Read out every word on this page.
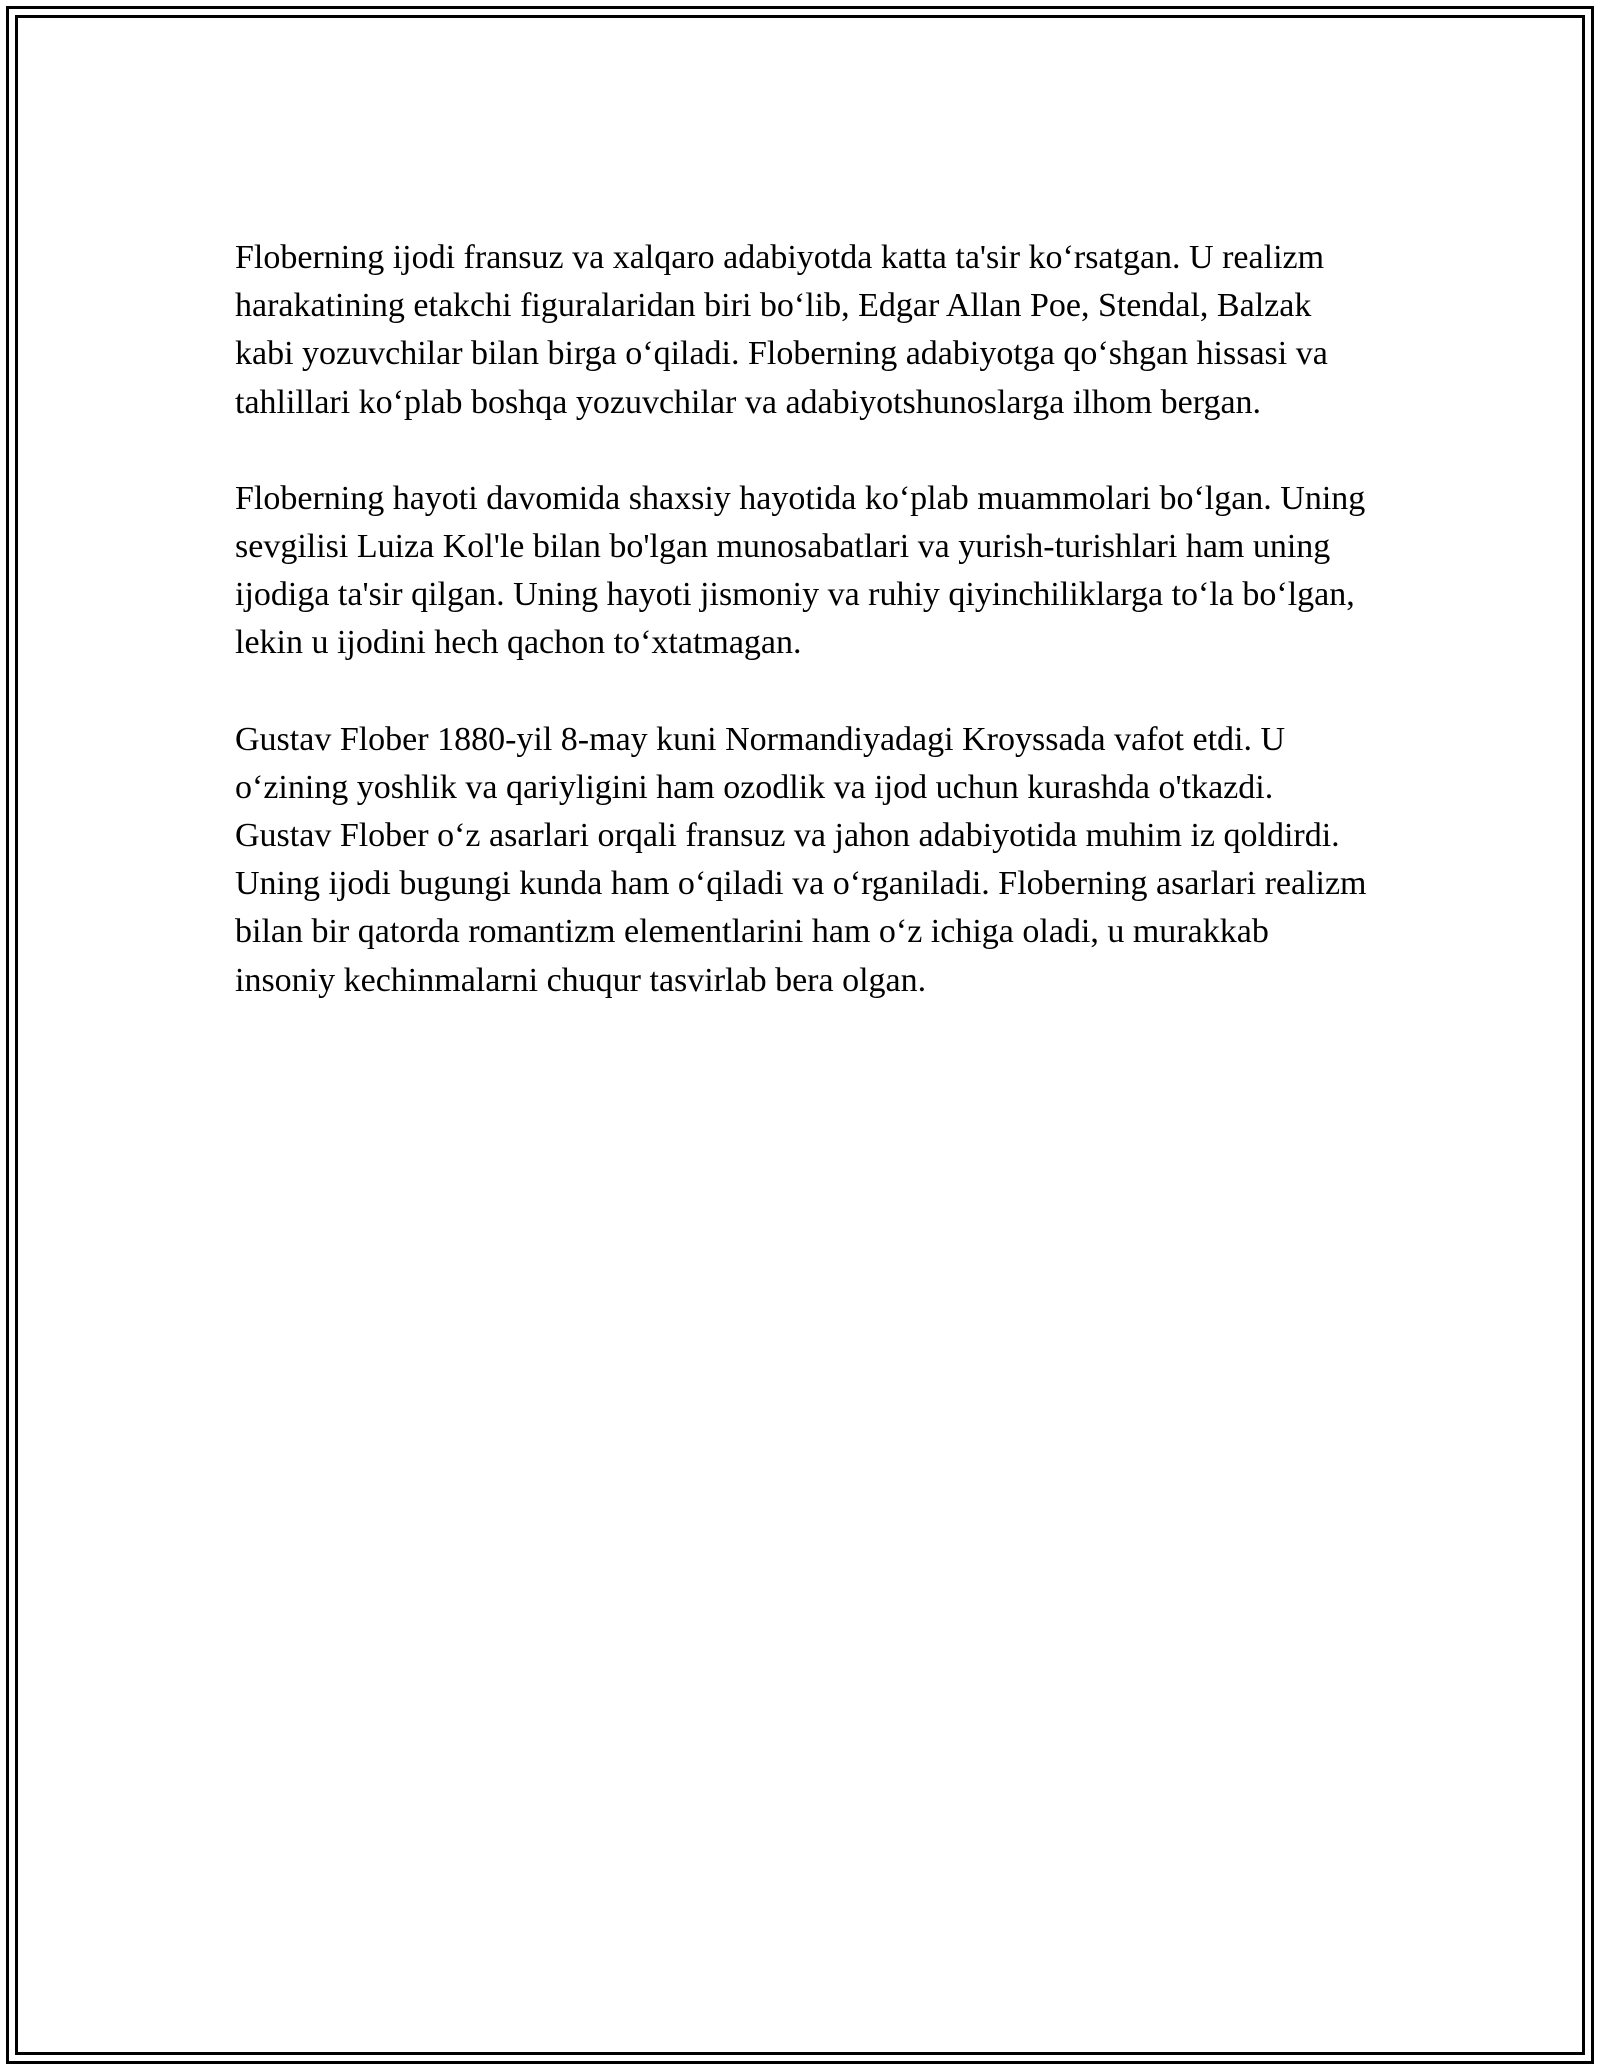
Floberning ijodi fransuz va xalqaro adabiyotda katta ta'sir ko‘rsatgan. U realizm harakatining etakchi figuralaridan biri bo‘lib, Edgar Allan Poe, Stendal, Balzak kabi yozuvchilar bilan birga o‘qiladi. Floberning adabiyotga qo‘shgan hissasi va tahlillari ko‘plab boshqa yozuvchilar va adabiyotshunoslarga ilhom bergan.

Floberning hayoti davomida shaxsiy hayotida ko‘plab muammolari bo‘lgan. Uning sevgilisi Luiza Kol'le bilan bo'lgan munosabatlari va yurish-turishlari ham uning ijodiga ta'sir qilgan. Uning hayoti jismoniy va ruhiy qiyinchiliklarga to‘la bo‘lgan, lekin u ijodini hech qachon to‘xtatmagan.

Gustav Flober 1880-yil 8-may kuni Normandiyadagi Kroyssada vafot etdi. U o‘zining yoshlik va qariyligini ham ozodlik va ijod uchun kurashda o'tkazdi. Gustav Flober o‘z asarlari orqali fransuz va jahon adabiyotida muhim iz qoldirdi. Uning ijodi bugungi kunda ham o‘qiladi va o‘rganiladi. Floberning asarlari realizm bilan bir qatorda romantizm elementlarini ham o‘z ichiga oladi, u murakkab insoniy kechinmalarni chuqur tasvirlab bera olgan.
